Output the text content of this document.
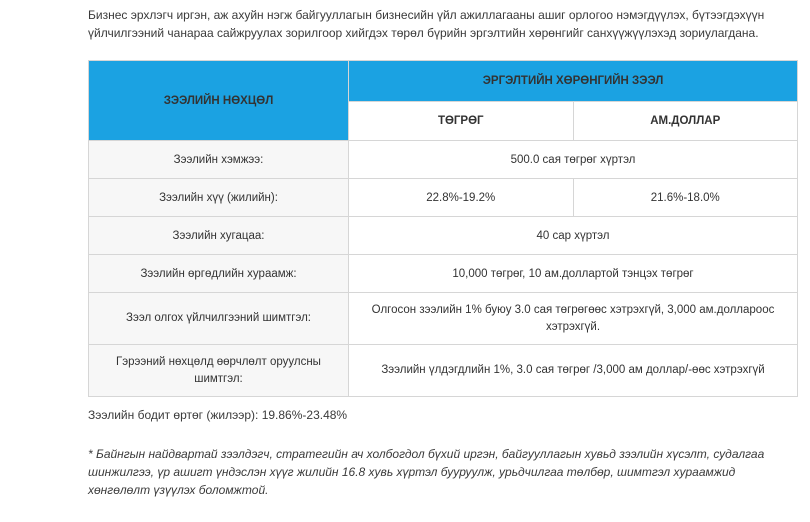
Бизнес эрхлэгч иргэн, аж ахуйн нэгж байгууллагын бизнесийн үйл ажиллагааны ашиг орлогоо нэмэгдүүлэх, бүтээгдэхүүн үйлчилгээний чанараа сайжруулах зорилгоор хийгдэх төрөл бүрийн эргэлтийн хөрөнгийг санхүүжүүлэхэд зориулагдана.

ЗЭЭЛИЙН НӨХЦӨЛ	ЭРГЭЛТИЙН ХӨРӨНГИЙН ЗЭЭЛ	
	ТӨГРӨГ	АМ.ДОЛЛАР
Зээлийн хэмжээ:	500.0 сая төгрөг хүртэл	
Зээлийн хүү (жилийн):	22.8%-19.2%	21.6%-18.0%
Зээлийн хугацаа:	40 сар хүртэл	
Зээлийн өргөдлийн хураамж:	10,000 төгрөг, 10 ам.доллартой тэнцэх төгрөг	
Зээл олгох үйлчилгээний шимтгэл:	Олгосон зээлийн 1% буюу 3.0 сая төгрөгөөс хэтрэхгүй, 3,000 ам.доллароос хэтрэхгүй.	
Гэрээний нөхцөлд өөрчлөлт оруулсны шимтгэл:	Зээлийн үлдэгдлийн 1%, 3.0 сая төгрөг /3,000 ам доллар/-өөс хэтрэхгүй	
Зээлийн бодит өртөг (жилээр): 19.86%-23.48%

* Байнгын найдвартай зээлдэгч, стратегийн ач холбогдол бүхий иргэн, байгууллагын хувьд зээлийн хүсэлт, судалгаа шинжилгээ, үр ашигт үндэслэн хүүг жилийн 16.8 хувь хүртэл бууруулж, урьдчилгаа төлбөр, шимтгэл хураамжид хөнгөлөлт үзүүлэх боломжтой.
